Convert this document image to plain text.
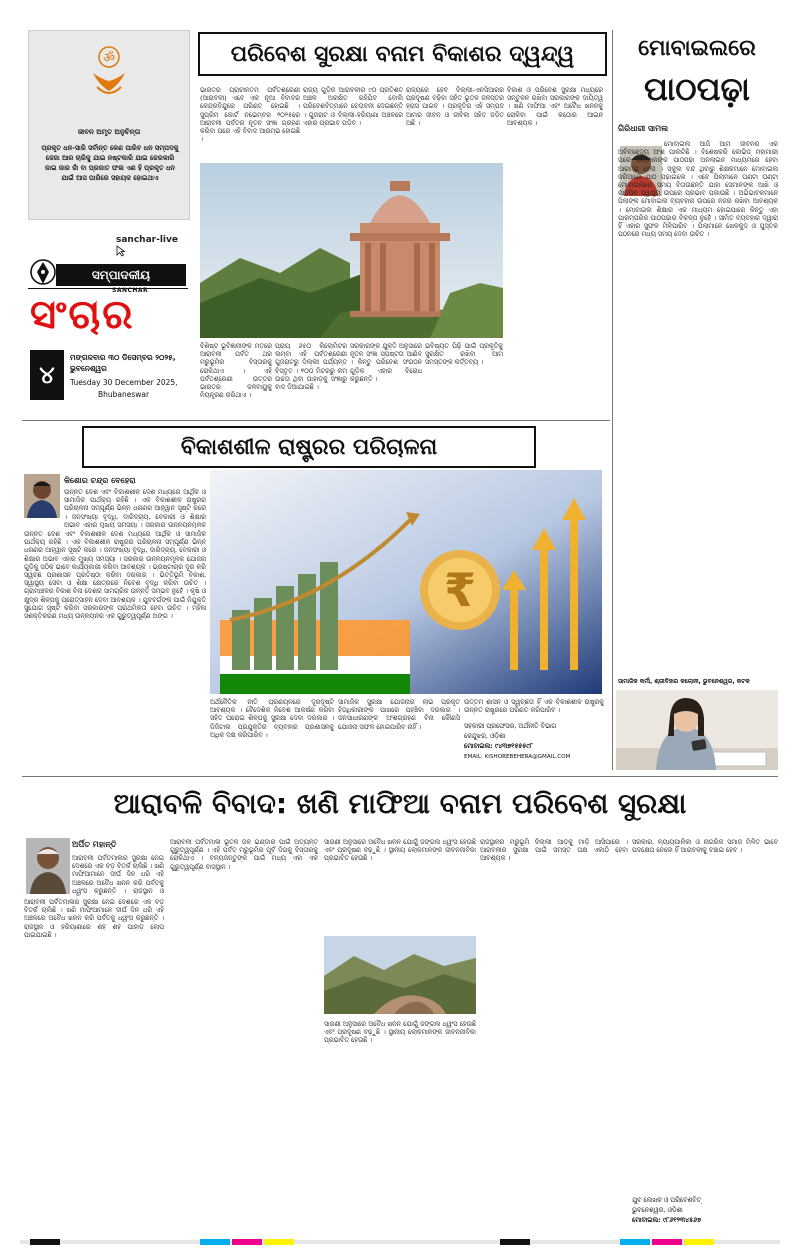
ॐ
ଜୀବନ ଅମୃତ ଅନୁଚିନ୍ତା
ପ୍ରକୃତ ଧନ-ସାରି ସର୍ବାନ୍ତ କେଣ ପାରିବ ଧନ ସମ୍ପଦକୁ ଜେଜା ଆର ଚାରିକୁ ଯାଇ ନଷ୍ଟକାରି ଯାଇ ଜେରକାରି ଜାଇ ଜାର ଜାଁ ବା ପ୍ରଜାତ ଫଳା ଏଣ ହି ପ୍ରକୃତ ଧନ ଯାଇଁ ଆସ ପାରିରେ ସହାୟକ ହୋଇଥାଏ
sanchar-live
ସମ୍ପାଦକୀୟ
SANCHAR
ସଂଚାର
୪
ମଙ୍ଗଳବାର ୩୦ ଡିସେମ୍ବର ୨୦୨୫, ଭୁବନେଶ୍ୱର
Tuesday 30 December 2025,
Bhubaneswar
ପରିବେଶ ସୁରକ୍ଷା ବନାମ ବିକାଶର ଦ୍ୱନ୍ଦ୍ୱ

ଭାରତର ପ୍ରାଚୀନତମ ପର୍ବତଶ୍ରେଣୀ (ଆରାବଳୀ) ଏବେ ଏକ ନୂଆ ବିବାଦର କେନ୍ଦ୍ରବିନ୍ଦୁରେ ପରିଣତ ହୋଇଛି । ସୁପ୍ରିମ କୋର୍ଟ ନଭେମ୍ବର ୨୦୨୫ରେ ଆରାବଳୀ ପର୍ବତର ନୂତନ ସଂଜ୍ଞା ଗ୍ରହଣ କରିବା ପରେ ଏହି ବିବାଦ ଆରମ୍ଭ ହୋଇଛି ।

ରାଜ୍ୟ ଗୁଡ଼ିକ ଆରାବଳୀର ୯୦ ପ୍ରତିଶତ ଅଞ୍ଚଳ ଅରକ୍ଷିତ ରହିଯିବ ବୋଲି ପରିବେଶବିତ୍ମାନେ ଚେତାବନୀ ଦେଇଛନ୍ତି । ଗୁଜରାଟ ଓ ଦିଲ୍ଲୀ-ହରିୟାଣା ଅଞ୍ଚଳରେ ଏହାର ପ୍ରଭାବ ପଡ଼ିବ ।

ରାଜ୍ୟରେ ହେବ ଦିଲ୍ଲୀ-ଏନସିଆରର ପ୍ରଦୂଷଣ ବଢ଼ିବା ସହିତ ଭୂତଳ ଜଳସ୍ତର ହ୍ରାସ ପାଇବ । ପ୍ରକୃତିର ଏହି ସମ୍ପଦ ଆମର ଜୀବନ ଓ ଜୀବିକା ସହିତ ଜଡ଼ିତ ଅଛି ।

ବିକାଶ ଓ ପରିବେଶ ସୁରକ୍ଷା ମଧ୍ୟରେ ସନ୍ତୁଳନ ରଖିବା ସରକାରଙ୍କ ଦାୟିତ୍ୱ । ଖଣି ମାଫିଆ ଏବଂ ଅବୈଧ ଖନନକୁ ରୋକିବା ପାଇଁ କଠୋର ଆଇନ ଆବଶ୍ୟକ ।

ବିଶିଷ୍ଟ ଭୂବିଜ୍ଞାନୀଙ୍କ ମତରେ ଆରାବଳୀ ପର୍ବତ ଥର ମରୁଭୂମିର ବିସ୍ତାରକୁ ରୋକିଥାଏ । ଏହି ପର୍ବତଶ୍ରେଣୀ ଉତ୍ତର ଭାରତର ଜଳବାୟୁକୁ ନିୟନ୍ତ୍ରଣ କରିଥାଏ ।

ପ୍ରାୟ ୬୫୦ କିଲୋମିଟର ଲମ୍ବା ଏହି ପର୍ବତଶ୍ରେଣୀ ଗୁଜରାଟରୁ ଦିଲ୍ଲୀ ପର୍ଯ୍ୟନ୍ତ ବିସ୍ତୃତ । ୧୦୦ ମିଟରରୁ କମ୍ ଉଚ୍ଚତା ଥିବା ପାହାଡ଼କୁ ସଂଜ୍ଞାରୁ ବାଦ ଦିଆଯାଇଛି ।

ସରକାରଙ୍କ ଯୁକ୍ତି ଅନୁସାରେ ନୂତନ ସଂଜ୍ଞା ସ୍ପଷ୍ଟତା ଆଣିବ । କିନ୍ତୁ ପରିବେଶ ସଂଗଠନ ଗୁଡ଼ିକ ଏହାର ବିରୋଧ କରୁଛନ୍ତି ।

ଭବିଷ୍ୟତ ପିଢ଼ି ପାଇଁ ପ୍ରକୃତିକୁ ସୁରକ୍ଷିତ ରଖିବା ଆମ ସମସ୍ତଙ୍କ କର୍ତ୍ତବ୍ୟ ।

ମୋବାଇଲରେ
ପାଠପଢ଼ା
ଗିରିଧାରୀ ସାମଲ

ମୋବାଇଲ ଆଜି ଆମ ଜୀବନର ଏକ ଅବିଚ୍ଛେଦ୍ୟ ଅଂଶ ପାଲଟିଛି । ବିଶେଷକରି କୋଭିଡ୍ ମହାମାରୀ ପରେ ପିଲାମାନଙ୍କ ପାଠପଢ଼ା ଅନଲାଇନ ମାଧ୍ୟମରେ ହେବା ଆରମ୍ଭ ହେଲା । ସ୍କୁଲ ବନ୍ଦ ଥିବାରୁ ଶିକ୍ଷକମାନେ ମୋବାଇଲ ଜରିଆରେ ପାଠ ପଢ଼ାଇଲେ । ଏବେ ପିଲାମାନେ ଘଣ୍ଟା ଘଣ୍ଟା ମୋବାଇଲରେ ସମୟ ବିତାଉଛନ୍ତି ଯାହା ସେମାନଙ୍କ ଆଖି ଓ ମାନସିକ ସ୍ୱାସ୍ଥ୍ୟ ଉପରେ ପ୍ରଭାବ ପକାଉଛି । ଅଭିଭାବକମାନେ ପିଲାଙ୍କ ମୋବାଇଲ ବ୍ୟବହାର ଉପରେ ନଜର ରଖିବା ଆବଶ୍ୟକ । ମୋବାଇଲ ଶିକ୍ଷାର ଏକ ମାଧ୍ୟମ ହୋଇପାରେ କିନ୍ତୁ ଏହା ପାରମ୍ପରିକ ପାଠପଢ଼ାର ବିକଳ୍ପ ନୁହେଁ । ସୀମିତ ବ୍ୟବହାର ଦ୍ୱାରା ହିଁ ଏହାର ସୁଫଳ ମିଳିପାରିବ । ପିଲାମାନେ ଖେଳକୁଦ ଓ ପୁସ୍ତକ ପଠନରେ ମଧ୍ୟ ସମୟ ଦେବା ଉଚିତ ।

ସାମାଜିକ କର୍ମୀ, ଶ୍ରୀବିହାର କଲୋନୀ, ଭୁବନେଶ୍ୱର, କଟକ
ବିକାଶଶୀଳ ରାଷ୍ଟ୍ରର ପରିଚାଳନା
କିଶୋର ଚନ୍ଦ୍ର ବେହେରା

ଉନ୍ନତ ଦେଶ ଏବଂ ବିକାଶଶୀଳ ଦେଶ ମଧ୍ୟରେ ଆର୍ଥିକ ଓ ସାମାଜିକ ପାର୍ଥକ୍ୟ ରହିଛି । ଏକ ବିକାଶଶୀଳ ରାଷ୍ଟ୍ରର ପରିଚାଳନା ସମ୍ପୂର୍ଣ୍ଣ ଭିନ୍ନ ଧରଣର ଆହ୍ୱାନ ସୃଷ୍ଟି କରେ । ଜନସଂଖ୍ୟା ବୃଦ୍ଧି, ଦାରିଦ୍ର୍ୟ, ବେକାରୀ ଓ ଶିକ୍ଷାର ଅଭାବ ଏହାର ମୁଖ୍ୟ ସମସ୍ୟା । ସରକାର ଉନ୍ନୟନମୂଳକ

ଉନ୍ନତ ଦେଶ ଏବଂ ବିକାଶଶୀଳ ଦେଶ ମଧ୍ୟରେ ଆର୍ଥିକ ଓ ସାମାଜିକ ପାର୍ଥକ୍ୟ ରହିଛି । ଏକ ବିକାଶଶୀଳ ରାଷ୍ଟ୍ରର ପରିଚାଳନା ସମ୍ପୂର୍ଣ୍ଣ ଭିନ୍ନ ଧରଣର ଆହ୍ୱାନ ସୃଷ୍ଟି କରେ । ଜନସଂଖ୍ୟା ବୃଦ୍ଧି, ଦାରିଦ୍ର୍ୟ, ବେକାରୀ ଓ ଶିକ୍ଷାର ଅଭାବ ଏହାର ମୁଖ୍ୟ ସମସ୍ୟା । ସରକାର ଉନ୍ନୟନମୂଳକ ଯୋଜନା ଗୁଡ଼ିକୁ ସଠିକ୍ ଭାବେ କାର୍ଯ୍ୟକାରୀ କରିବା ଆବଶ୍ୟକ । ଭ୍ରଷ୍ଟାଚାର ଦୂର କରି ସ୍ୱଚ୍ଛ ପ୍ରଶାସନ ପ୍ରତିଷ୍ଠା କରିବା ଦରକାର । ଭିତ୍ତିଭୂମି ବିକାଶ, ସ୍ୱାସ୍ଥ୍ୟ ସେବା ଓ ଶିକ୍ଷା କ୍ଷେତ୍ରରେ ନିବେଶ ବୃଦ୍ଧି କରିବା ଉଚିତ । ଗ୍ରାମାଞ୍ଚଳର ବିକାଶ ବିନା ଦେଶର ସାମଗ୍ରିକ ଉନ୍ନତି ସମ୍ଭବ ନୁହେଁ । କୃଷି ଓ କ୍ଷୁଦ୍ର ଶିଳ୍ପକୁ ପ୍ରୋତ୍ସାହନ ଦେବା ଆବଶ୍ୟକ । ଯୁବବର୍ଗଙ୍କ ପାଇଁ ନିଯୁକ୍ତି ସୁଯୋଗ ସୃଷ୍ଟି କରିବା ସରକାରଙ୍କ ପ୍ରାଥମିକତା ହେବା ଉଚିତ । ମହିଳା ସଶକ୍ତିକରଣ ମଧ୍ୟ ଉନ୍ନୟନର ଏକ ଗୁରୁତ୍ୱପୂର୍ଣ୍ଣ ଅଙ୍ଗ ।	₹

ଅର୍ଥନୈତିକ ନୀତି ପ୍ରଣୟନରେ ଦୂରଦୃଷ୍ଟି ଆବଶ୍ୟକ । ବୈଦେଶିକ ନିବେଶ ଆକର୍ଷଣ କରିବା ସହିତ ଘରୋଇ ଶିଳ୍ପକୁ ସୁରକ୍ଷା ଦେବା ଦରକାର । ଡିଜିଟାଲ ପ୍ରଯୁକ୍ତିର ବ୍ୟବହାର ପ୍ରଶାସନକୁ ଅଧିକ ଦକ୍ଷ କରିପାରିବ ।

ସାମାଜିକ ସୁରକ୍ଷା ଯୋଜନାର ଲାଭ ପ୍ରକୃତ ହିତାଧିକାରୀଙ୍କ ପାଖରେ ପହଞ୍ଚିବା ଦରକାର । ଜନସାଧାରଣଙ୍କ ଅଂଶଗ୍ରହଣ ବିନା କୌଣସି ଯୋଜନା ସଫଳ ହୋଇପାରିବ ନାହିଁ ।

ଉତ୍ତମ ଶାସନ ଓ ସ୍ୱଚ୍ଛତା ହିଁ ଏକ ବିକାଶଶୀଳ ରାଷ୍ଟ୍ରକୁ ଉନ୍ନତ ରାଷ୍ଟ୍ରରେ ପରିଣତ କରିପାରିବ ।

ସହକାରୀ ପ୍ରଫେସର, ଅର୍ଥନୀତି ବିଭାଗ
କେନ୍ଦୁଝର, ଓଡ଼ିଶା
ମୋବାଇଲ: ୯୪୩୭୧୫୫୫୯୮
EMAIL: KISHOREBEHERA@GMAIL.COM
ଆରାବଳି ବିବାଦ: ଖଣି ମାଫିଆ ବନାମ ପରିବେଶ ସୁରକ୍ଷା
ଅର୍ପିତ ମହାନ୍ତି

ଆରାବଳୀ ପର୍ବତମାଳାର ସୁରକ୍ଷା ନେଇ ଦେଶରେ ଏକ ବଡ଼ ବିତର୍କ ଚାଲିଛି । ଖଣି ମାଫିଆମାନେ ଦୀର୍ଘ ଦିନ ଧରି ଏହି ଅଞ୍ଚଳରେ ଅବୈଧ ଖନନ କରି ପର୍ବତକୁ ଧ୍ୱଂସ କରୁଛନ୍ତି । ରାଜସ୍ଥାନ ଓ

ଆରାବଳୀ ପର୍ବତମାଳାର ସୁରକ୍ଷା ନେଇ ଦେଶରେ ଏକ ବଡ଼ ବିତର୍କ ଚାଲିଛି । ଖଣି ମାଫିଆମାନେ ଦୀର୍ଘ ଦିନ ଧରି ଏହି ଅଞ୍ଚଳରେ ଅବୈଧ ଖନନ କରି ପର୍ବତକୁ ଧ୍ୱଂସ କରୁଛନ୍ତି । ରାଜସ୍ଥାନ ଓ ହରିୟାଣାରେ ଶହ ଶହ ପାହାଡ଼ ଲୋପ ପାଇଯାଇଛି ।

ଆରାବଳୀ ପର୍ବତମାଳା ଭୂତଳ ଜଳ ଭଣ୍ଡାର ପାଇଁ ଅତ୍ୟନ୍ତ ଗୁରୁତ୍ୱପୂର୍ଣ୍ଣ । ଏହି ପର୍ବତ ମରୁଭୂମିର ପୂର୍ବ ଦିଗକୁ ବିସ୍ତାରକୁ ରୋକିଥାଏ । ବନ୍ୟଜନ୍ତୁଙ୍କ ପାଇଁ ମଧ୍ୟ ଏହା ଏକ ଗୁରୁତ୍ୱପୂର୍ଣ୍ଣ ବାସସ୍ଥାନ ।

ସାରଣୀ ଅନୁସାରେ ଅବୈଧ ଖନନ ଯୋଗୁଁ ଜଙ୍ଗଲ ଧ୍ୱଂସ ହେଉଛି ଏବଂ ପ୍ରଦୂଷଣ ବଢ଼ୁଛି । ସ୍ଥାନୀୟ ଲୋକମାନଙ୍କ ଜୀବନଜୀବିକା ପ୍ରଭାବିତ ହେଉଛି ।

ସାରଣୀ ଅନୁସାରେ ଅବୈଧ ଖନନ ଯୋଗୁଁ ଜଙ୍ଗଲ ଧ୍ୱଂସ ହେଉଛି ଏବଂ ପ୍ରଦୂଷଣ ବଢ଼ୁଛି । ସ୍ଥାନୀୟ ଲୋକମାନଙ୍କ ଜୀବନଜୀବିକା ପ୍ରଭାବିତ ହେଉଛି ।

ରାଜସ୍ଥାନର ମରୁଭୂମି ଦିଲ୍ଲୀ ଆଡ଼କୁ ମାଡ଼ି ଆସିପାରେ । ଆରାବଳୀର ସୁରକ୍ଷା ପାଇଁ ସମସ୍ତ ପକ୍ଷ ଏକାଠି ହେବା ଆବଶ୍ୟକ ।

ସରକାର, ନ୍ୟାୟପାଳିକା ଓ ନାଗରିକ ସମାଜ ମିଳିତ ଭାବେ ପଦକ୍ଷେପ ନେଲେ ହିଁ ଆରାବଳୀକୁ ବଞ୍ଚାଇ ହେବ ।

ଯୁବ ଲେଖକ ଓ ପରିବେଶବିତ୍
ଭୁବନେଶ୍ୱର, ଓଡ଼ିଶା
ମୋବାଇଲ: ୯୮୬୧୨୩୪୫୬୭
